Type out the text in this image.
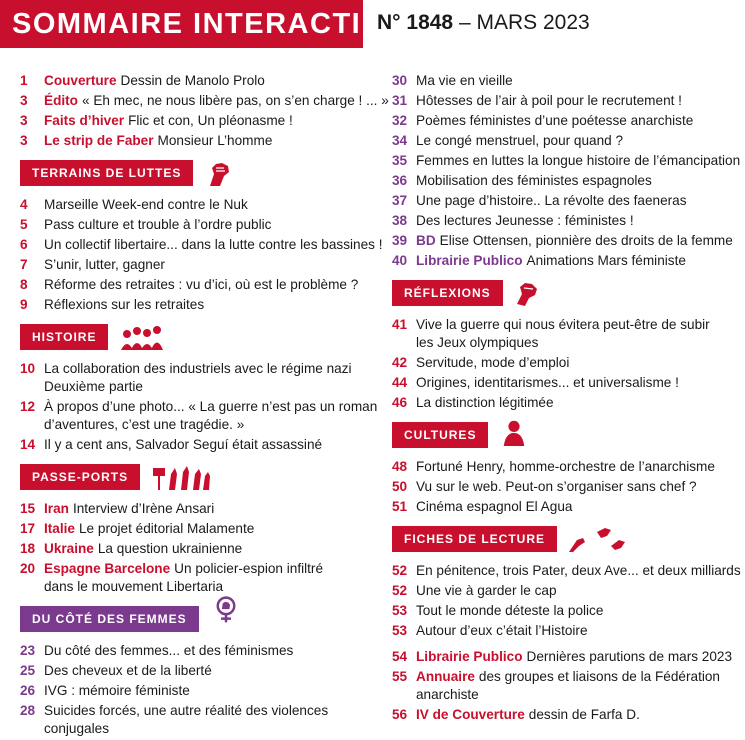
SOMMAIRE INTERACTIF
N° 1848 – MARS 2023
1	Couverture Dessin de Manolo Prolo
3	Édito « Eh mec, ne nous libère pas, on s’en charge ! ... »
3	Faits d’hiver Flic et con, Un pléonasme !
3	Le strip de Faber Monsieur L’homme
TERRAINS DE LUTTES
4	Marseille Week-end contre le Nuk
5	Pass culture et trouble à l’ordre public
6	Un collectif libertaire... dans la lutte contre les bassines !
7	S’unir, lutter, gagner
8	Réforme des retraites : vu d’ici, où est le problème ?
9	Réflexions sur les retraites
HISTOIRE
10 La collaboration des industriels avec le régime nazi
Deuxième partie
12 À propos d’une photo... « La guerre n’est pas un roman
d’aventures, c’est une tragédie. »
14 Il y a cent ans, Salvador Seguí était assassiné
PASSE-PORTS
15 Iran Interview d’Irène Ansari
17 Italie Le projet éditorial Malamente
18 Ukraine La question ukrainienne
20 Espagne Barcelone Un policier-espion infiltré
dans le mouvement Libertaria
DU CÔTÉ DES FEMMES
23 Du côté des femmes... et des féminismes
25 Des cheveux et de la liberté
26 IVG : mémoire féministe
28 Suicides forcés, une autre réalité des violences
conjugales
30 Ma vie en vieille
31 Hôtesses de l’air à poil pour le recrutement !
32 Poèmes féministes d’une poétesse anarchiste
34 Le congé menstruel, pour quand ?
35 Femmes en luttes la longue histoire de l’émancipation
36 Mobilisation des féministes espagnoles
37 Une page d’histoire.. La révolte des faeneras
38 Des lectures Jeunesse : féministes !
39 BD Elise Ottensen, pionnière des droits de la femme
40 Librairie Publico Animations Mars féministe
RÉFLEXIONS
41 Vive la guerre qui nous évitera peut-être de subir
les Jeux olympiques
42 Servitude, mode d’emploi
44 Origines, identitarismes... et universalisme !
46 La distinction légitimée
CULTURES
48 Fortuné Henry, homme-orchestre de l’anarchisme
50 Vu sur le web. Peut-on s’organiser sans chef ?
51 Cinéma espagnol El Agua
FICHES DE LECTURE
52 En pénitence, trois Pater, deux Ave... et deux milliards
52 Une vie à garder le cap
53 Tout le monde déteste la police
53 Autour d’eux c’était l’Histoire
54 Librairie Publico Dernières parutions de mars 2023
55 Annuaire des groupes et liaisons de la Fédération
anarchiste
56 IV de Couverture dessin de Farfa D.
